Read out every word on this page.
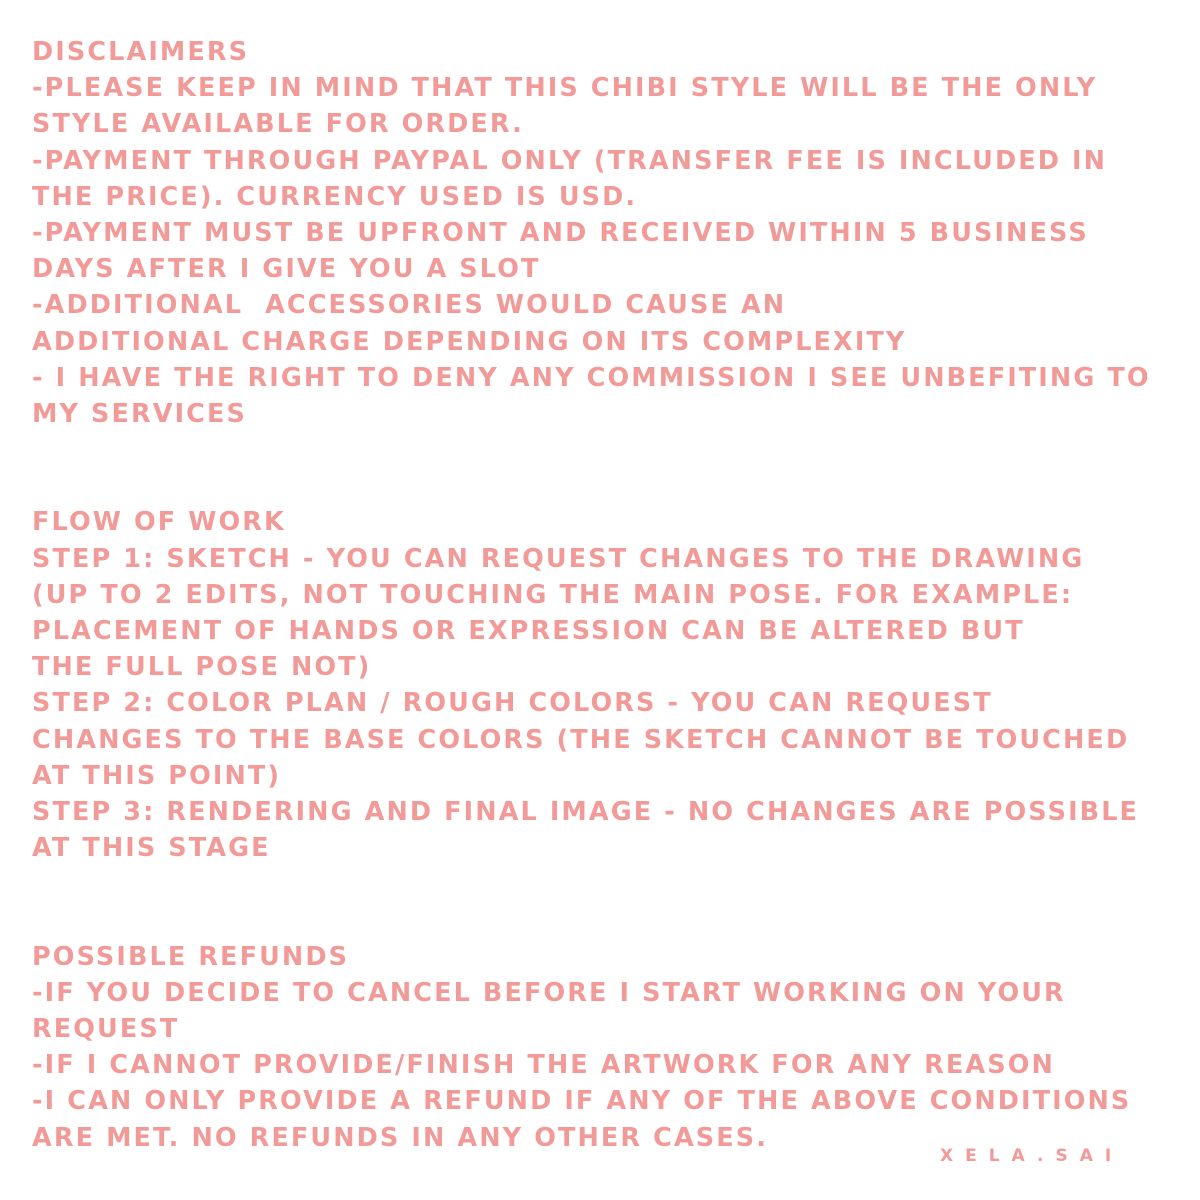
DISCLAIMERS
-PLEASE KEEP IN MIND THAT THIS CHIBI STYLE WILL BE THE ONLY
STYLE AVAILABLE FOR ORDER.
-PAYMENT THROUGH PAYPAL ONLY (TRANSFER FEE IS INCLUDED IN
THE PRICE). CURRENCY USED IS USD.
-PAYMENT MUST BE UPFRONT AND RECEIVED WITHIN 5 BUSINESS
DAYS AFTER I GIVE YOU A SLOT
-ADDITIONAL  ACCESSORIES WOULD CAUSE AN
ADDITIONAL CHARGE DEPENDING ON ITS COMPLEXITY
- I HAVE THE RIGHT TO DENY ANY COMMISSION I SEE UNBEFITING TO
MY SERVICES
FLOW OF WORK
STEP 1: SKETCH - YOU CAN REQUEST CHANGES TO THE DRAWING
(UP TO 2 EDITS, NOT TOUCHING THE MAIN POSE. FOR EXAMPLE:
PLACEMENT OF HANDS OR EXPRESSION CAN BE ALTERED BUT
THE FULL POSE NOT)
STEP 2: COLOR PLAN / ROUGH COLORS - YOU CAN REQUEST
CHANGES TO THE BASE COLORS (THE SKETCH CANNOT BE TOUCHED
AT THIS POINT)
STEP 3: RENDERING AND FINAL IMAGE - NO CHANGES ARE POSSIBLE
AT THIS STAGE
POSSIBLE REFUNDS
-IF YOU DECIDE TO CANCEL BEFORE I START WORKING ON YOUR
REQUEST
-IF I CANNOT PROVIDE/FINISH THE ARTWORK FOR ANY REASON
-I CAN ONLY PROVIDE A REFUND IF ANY OF THE ABOVE CONDITIONS
ARE MET. NO REFUNDS IN ANY OTHER CASES.
XELA.SAI
